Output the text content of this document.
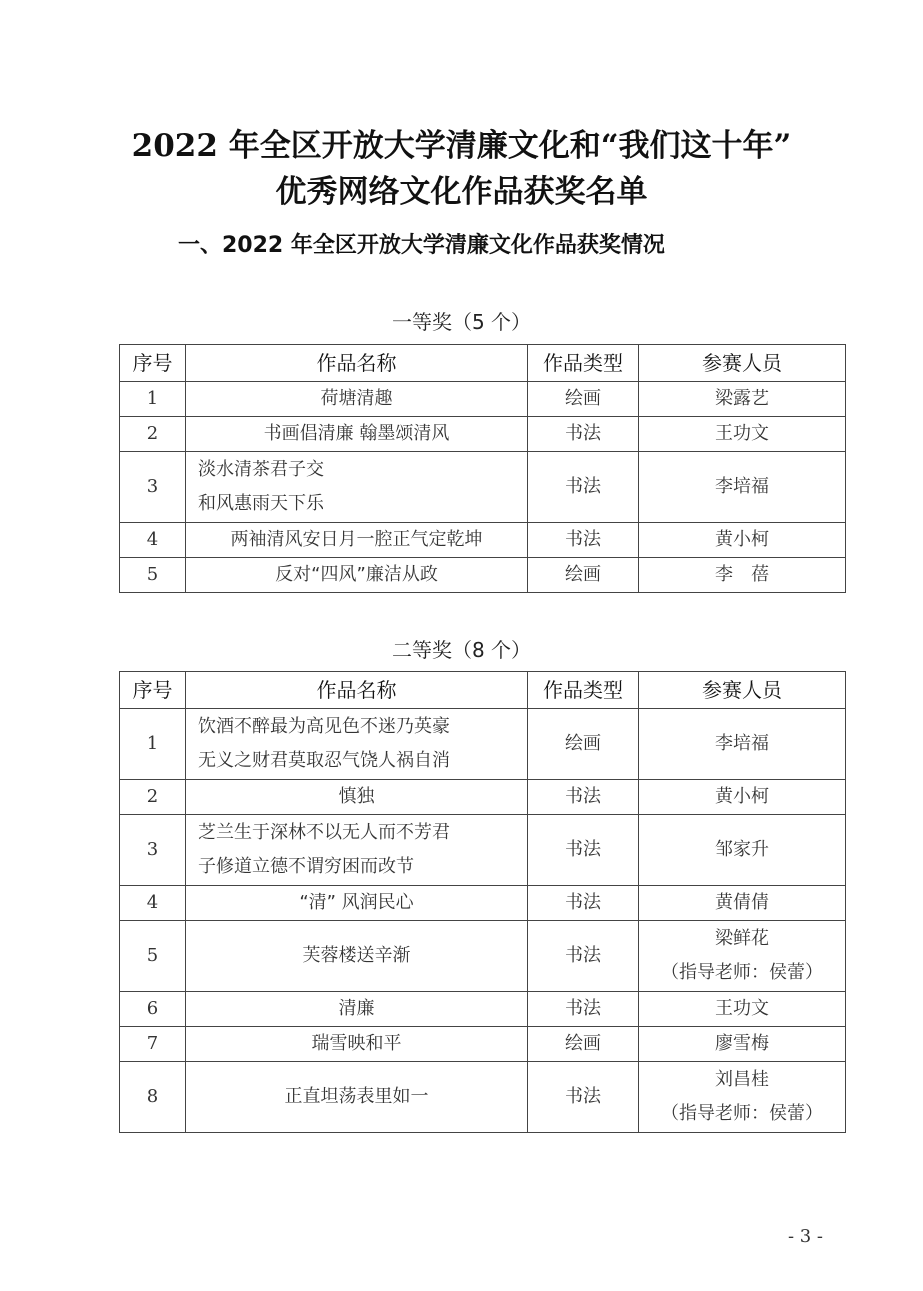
2022 年全区开放大学清廉文化和“我们这十年”
优秀网络文化作品获奖名单
一、2022 年全区开放大学清廉文化作品获奖情况
一等奖（5 个）
序号	作品名称	作品类型	参赛人员
1	荷塘清趣	绘画	梁露艺

2	书画倡清廉 翰墨颂清风	书法	王功文

3	淡水清茶君子交
和风惠雨天下乐	书法	李培福

4	两袖清风安日月一腔正气定乾坤	书法	黄小柯

5	反对“四风”廉洁从政	绘画	李　蓓
二等奖（8 个）
序号	作品名称	作品类型	参赛人员
1	饮酒不醉最为高见色不迷乃英豪
无义之财君莫取忍气饶人祸自消	绘画	李培福

2	慎独	书法	黄小柯

3	芝兰生于深林不以无人而不芳君
子修道立德不谓穷困而改节	书法	邹家升

4	“清” 风润民心	书法	黄倩倩

5	芙蓉楼送辛渐	书法	梁鲜花
（指导老师：侯蕾）

6	清廉	书法	王功文

7	瑞雪映和平	绘画	廖雪梅

8	正直坦荡表里如一	书法	刘昌桂
（指导老师：侯蕾）
- 3 -
